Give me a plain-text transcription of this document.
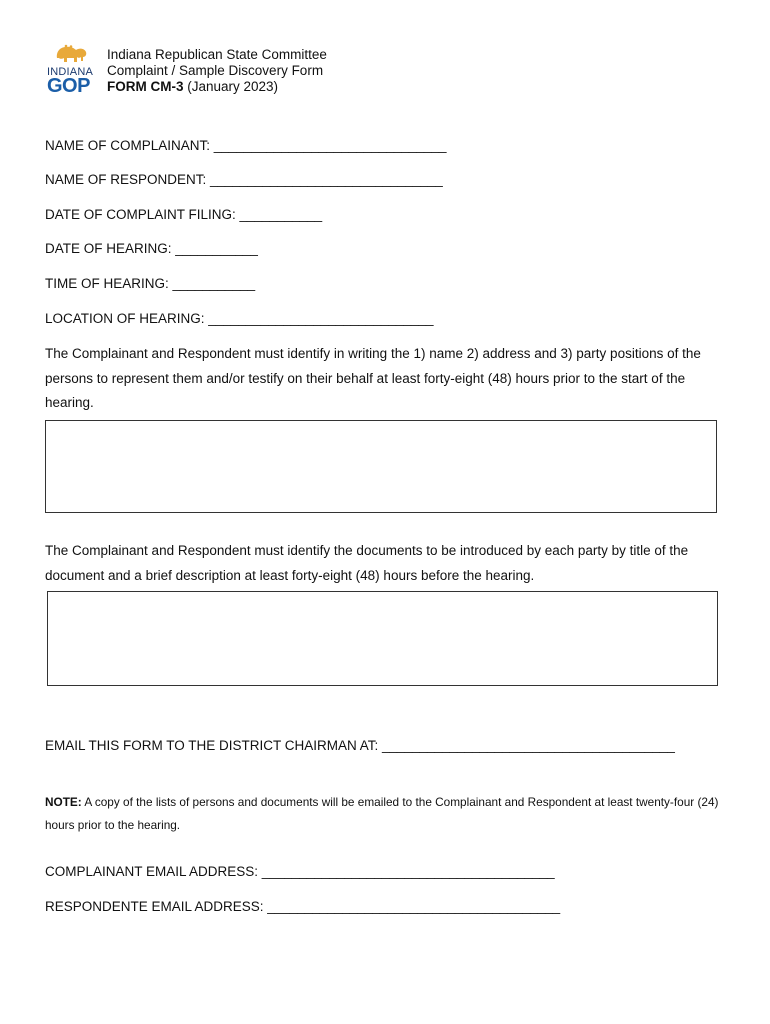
INDIANA
GOP
Indiana Republican State Committee
Complaint / Sample Discovery Form
FORM CM-3 (January 2023)
NAME OF COMPLAINANT: _______________________________
NAME OF RESPONDENT: _______________________________
DATE OF COMPLAINT FILING: ___________
DATE OF HEARING: ___________
TIME OF HEARING: ___________
LOCATION OF HEARING: ______________________________
The Complainant and Respondent must identify in writing the 1) name 2) address and 3) party positions of the persons to represent them and/or testify on their behalf at least forty-eight (48) hours prior to the start of the hearing.
The Complainant and Respondent must identify the documents to be introduced by each party by title of the document and a brief description at least forty-eight (48) hours before the hearing.
EMAIL THIS FORM TO THE DISTRICT CHAIRMAN AT: _______________________________________
NOTE: A copy of the lists of persons and documents will be emailed to the Complainant and Respondent at least twenty-four (24) hours prior to the hearing.
COMPLAINANT EMAIL ADDRESS: _______________________________________
RESPONDENTE EMAIL ADDRESS: _______________________________________
